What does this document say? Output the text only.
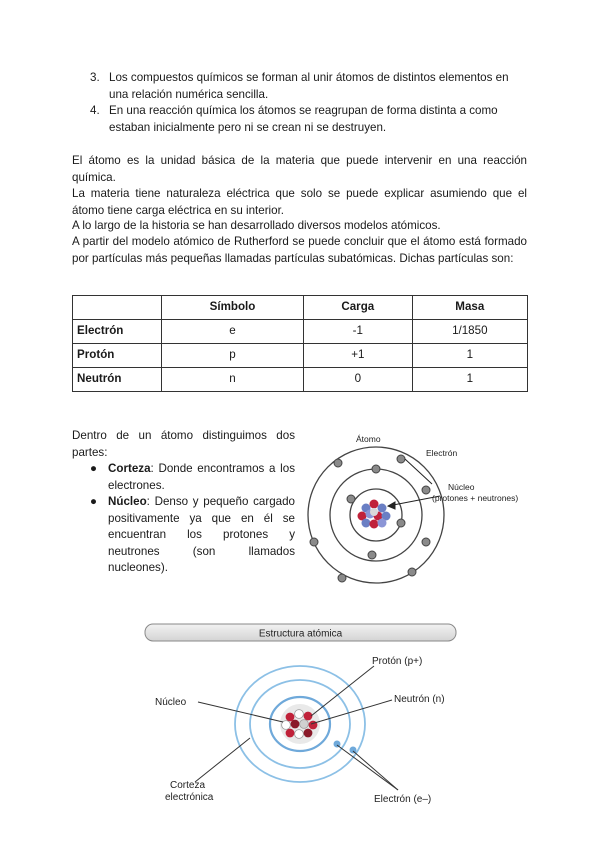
3. Los compuestos químicos se forman al unir átomos de distintos elementos en una relación numérica sencilla.
4. En una reacción química los átomos se reagrupan de forma distinta a como estaban inicialmente pero ni se crean ni se destruyen.

El átomo es la unidad básica de la materia que puede intervenir en una reacción química.

La materia tiene naturaleza eléctrica que solo se puede explicar asumiendo que el átomo tiene carga eléctrica en su interior.

A lo largo de la historia se han desarrollado diversos modelos atómicos.

A partir del modelo atómico de Rutherford se puede concluir que el átomo está formado por partículas más pequeñas llamadas partículas subatómicas. Dichas partículas son:

	Símbolo	Carga	Masa
Electrón	e	-1	1/1850
Protón	p	+1	1
Neutrón	n	0	1

Dentro de un átomo distinguimos dos partes:

● Corteza: Donde encontramos a los electrones.
● Núcleo: Denso y pequeño cargado positivamente ya que en él se encuentran los protones y neutrones (son llamados nucleones).
Átomo
Electrón
Núcleo
(protones + neutrones)
Estructura atómica
Protón (p+)
Neutrón (n)
Núcleo
Corteza
electrónica	Electrón (e–)
